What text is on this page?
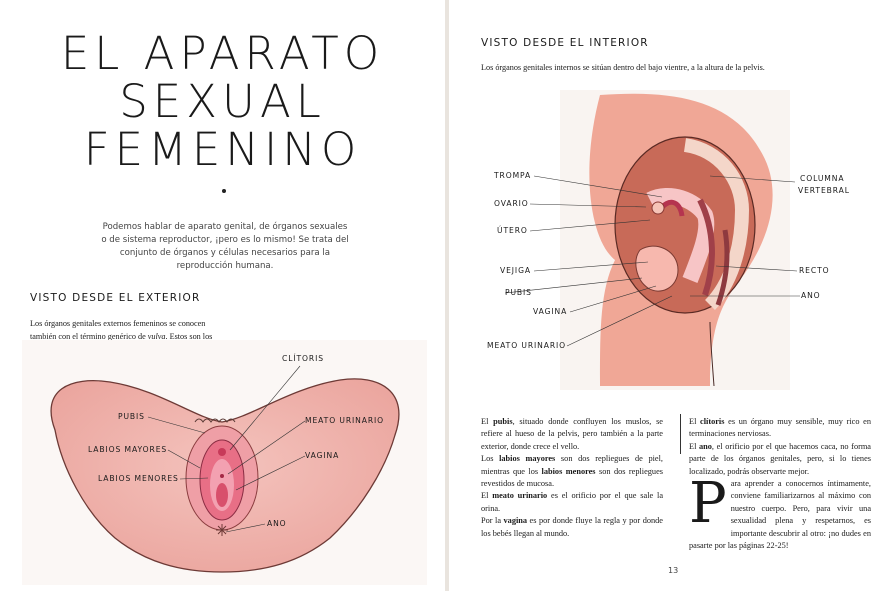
EL APARATO
SEXUAL
FEMENINO

Podemos hablar de aparato genital, de órganos sexuales o de sistema reproductor, ¡pero es lo mismo! Se trata del conjunto de órganos y células necesarios para la reproducción humana.

VISTO DESDE EL EXTERIOR

Los órganos genitales externos femeninos se conocen también con el término genérico de vulva. Estos son los

CLÍTORIS
PUBIS	MEATO URINARIO
LABIOS MAYORES
VAGINA
LABIOS MENORES
ANO
VISTO DESDE EL INTERIOR

Los órganos genitales internos se sitúan dentro del bajo vientre, a la altura de la pelvis.

TROMPA
OVARIO
ÚTERO
VEJIGA
PUBIS
VAGINA
MEATO URINARIO
COLUMNA
VERTEBRAL
RECTO
ANO
El pubis, situado donde confluyen los muslos, se refiere al hueso de la pelvis, pero también a la parte exterior, donde crece el vello.
Los labios mayores son dos repliegues de piel, mientras que los labios menores son dos repliegues revestidos de mucosa.
El meato urinario es el orificio por el que sale la orina.
Por la vagina es por donde fluye la regla y por donde los bebés llegan al mundo.
El clítoris es un órgano muy sensible, muy rico en terminaciones nerviosas.
El ano, el orificio por el que hacemos caca, no forma parte de los órganos genitales, pero, si lo tienes localizado, podrás observarte mejor.

P ara aprender a conocernos íntimamente, conviene familiarizarnos al máximo con nuestro cuerpo. Pero, para vivir una sexualidad plena y respetarnos, es importante descubrir al otro: ¡no dudes en pasarte por las páginas 22-25!
13
